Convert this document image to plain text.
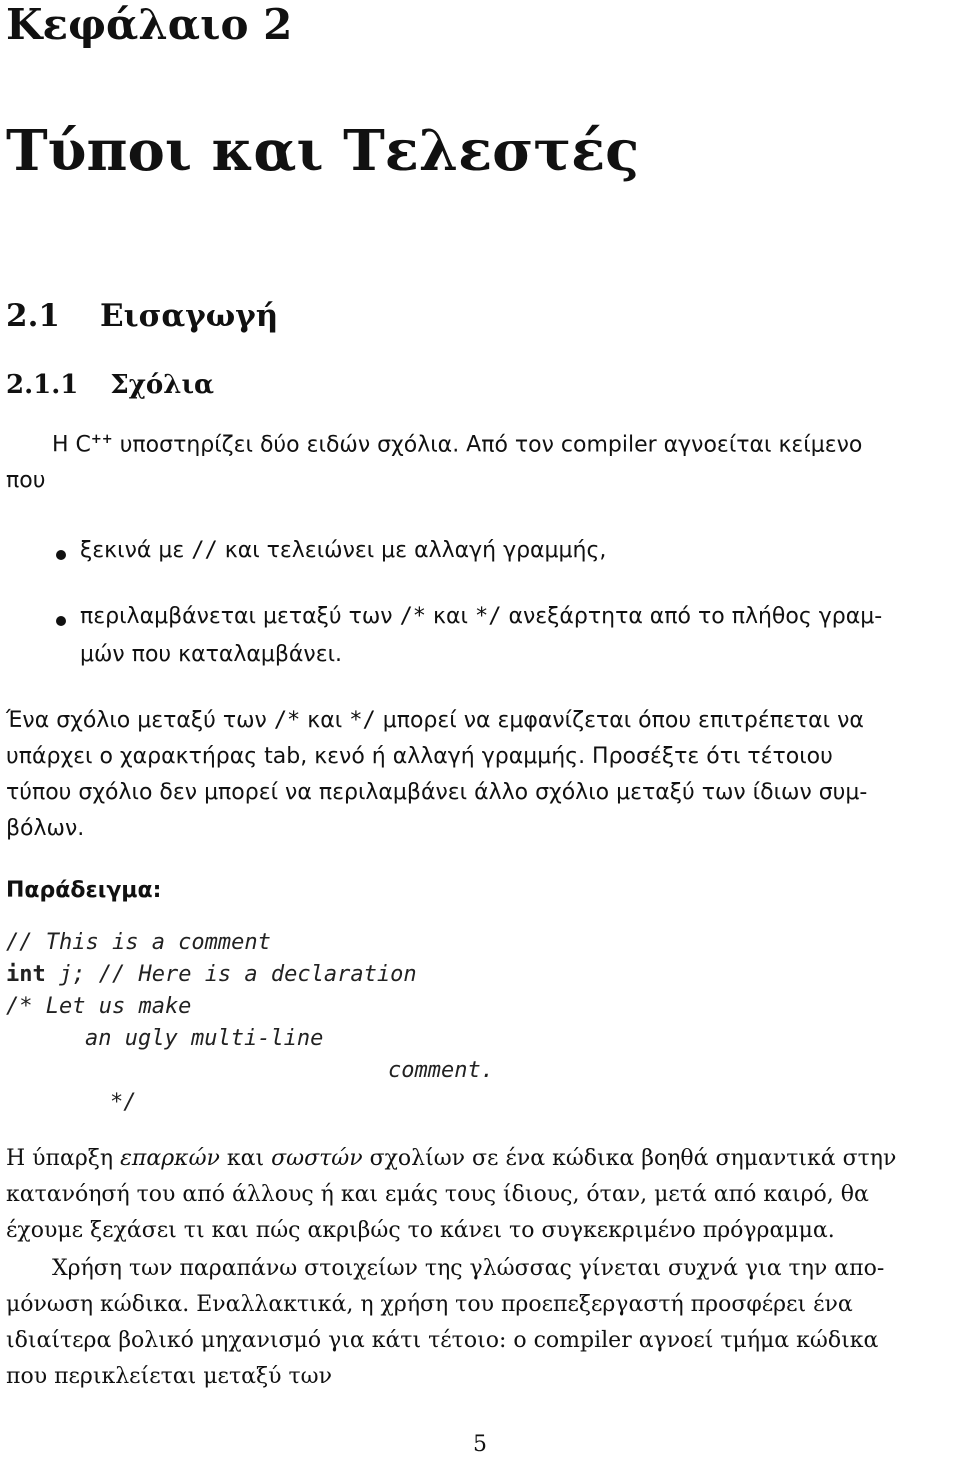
Κεφάλαιο 2
Τύποι και Τελεστές
2.1 Εισαγωγή
2.1.1 Σχόλια
Η C++ υποστηρίζει δύο ειδών σχόλια. Από τον compiler αγνοείται κείμενο
που
ξεκινά με // και τελειώνει με αλλαγή γραμμής,
περιλαμβάνεται μεταξύ των /* και */ ανεξάρτητα από το πλήθος γραμ-
μών που καταλαμβάνει.
Ένα σχόλιο μεταξύ των /* και */ μπορεί να εμφανίζεται όπου επιτρέπεται να
υπάρχει ο χαρακτήρας tab, κενό ή αλλαγή γραμμής. Προσέξτε ότι τέτοιου
τύπου σχόλιο δεν μπορεί να περιλαμβάνει άλλο σχόλιο μεταξύ των ίδιων συμ-
βόλων.
Παράδειγμα:
// This is a comment
int j; // Here is a declaration
/* Let us make
an ugly multi-line
comment.
*/
Η ύπαρξη επαρκών και σωστών σχολίων σε ένα κώδικα βοηθά σημαντικά στην
κατανόησή του από άλλους ή και εμάς τους ίδιους, όταν, μετά από καιρό, θα
έχουμε ξεχάσει τι και πώς ακριβώς το κάνει το συγκεκριμένο πρόγραμμα.
Χρήση των παραπάνω στοιχείων της γλώσσας γίνεται συχνά για την απο-
μόνωση κώδικα. Εναλλακτικά, η χρήση του προεπεξεργαστή προσφέρει ένα
ιδιαίτερα βολικό μηχανισμό για κάτι τέτοιο: ο compiler αγνοεί τμήμα κώδικα
που περικλείεται μεταξύ των
5
